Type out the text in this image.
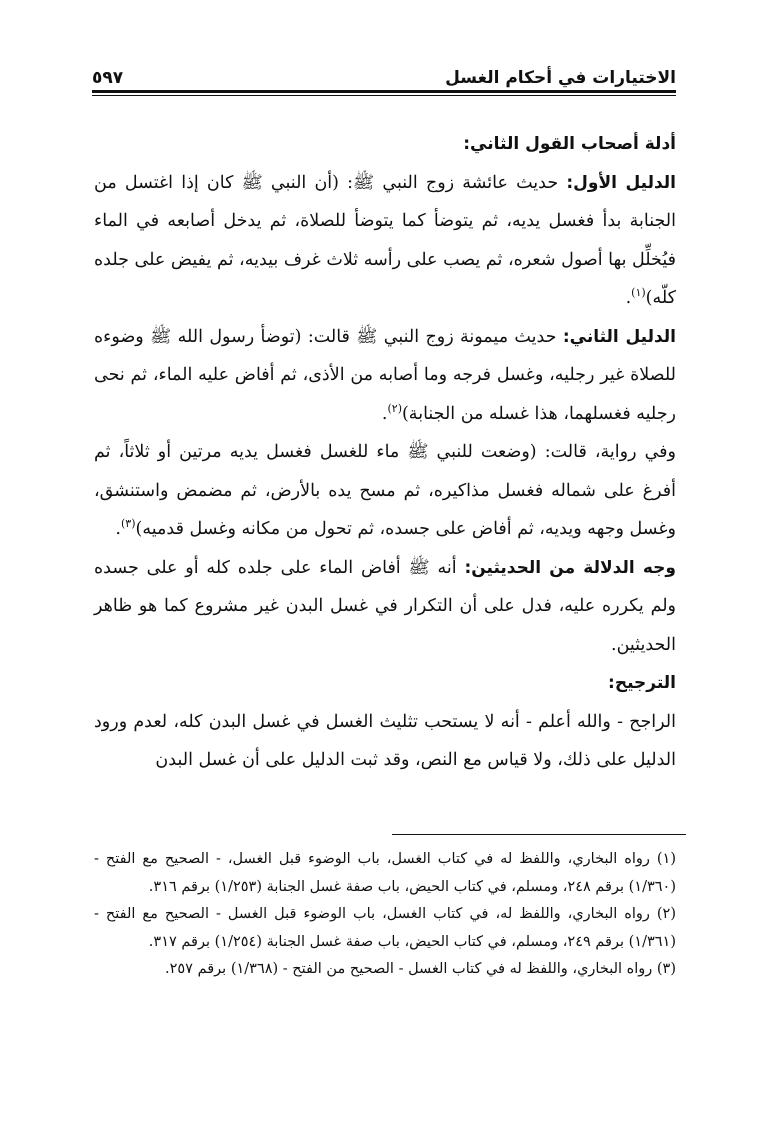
الاختيارات في أحكام الغسل
٥٩٧

أدلة أصحاب القول الثاني:

الدليل الأول: حديث عائشة زوج النبي ﷺ: (أن النبي ﷺ كان إذا اغتسل من الجنابة بدأ فغسل يديه، ثم يتوضأ كما يتوضأ للصلاة، ثم يدخل أصابعه في الماء فيُخلِّل بها أصول شعره، ثم يصب على رأسه ثلاث غرف بيديه، ثم يفيض على جلده كلّه)$^{(١)}$.

الدليل الثاني: حديث ميمونة زوج النبي ﷺ قالت: (توضأ رسول الله ﷺ وضوءه للصلاة غير رجليه، وغسل فرجه وما أصابه من الأذى، ثم أفاض عليه الماء، ثم نحى رجليه فغسلهما، هذا غسله من الجنابة)$^{(٢)}$.

وفي رواية، قالت: (وضعت للنبي ﷺ ماء للغسل فغسل يديه مرتين أو ثلاثاً، ثم أفرغ على شماله فغسل مذاكيره، ثم مسح يده بالأرض، ثم مضمض واستنشق، وغسل وجهه ويديه، ثم أفاض على جسده، ثم تحول من مكانه وغسل قدميه)$^{(٣)}$.

وجه الدلالة من الحديثين: أنه ﷺ أفاض الماء على جلده كله أو على جسده ولم يكرره عليه، فدل على أن التكرار في غسل البدن غير مشروع كما هو ظاهر الحديثين.

الترجيح:

الراجح - والله أعلم - أنه لا يستحب تثليث الغسل في غسل البدن كله، لعدم ورود الدليل على ذلك، ولا قياس مع النص، وقد ثبت الدليل على أن غسل البدن

(١) رواه البخاري، واللفظ له في كتاب الغسل، باب الوضوء قبل الغسل، - الصحيح مع الفتح - (١/٣٦٠) برقم ٢٤٨، ومسلم، في كتاب الحيض، باب صفة غسل الجنابة (١/٢٥٣) برقم ٣١٦.

(٢) رواه البخاري، واللفظ له، في كتاب الغسل، باب الوضوء قبل الغسل - الصحيح مع الفتح - (١/٣٦١) برقم ٢٤٩، ومسلم، في كتاب الحيض، باب صفة غسل الجنابة (١/٢٥٤) برقم ٣١٧.

(٣) رواه البخاري، واللفظ له في كتاب الغسل - الصحيح من الفتح - (١/٣٦٨) برقم ٢٥٧.
